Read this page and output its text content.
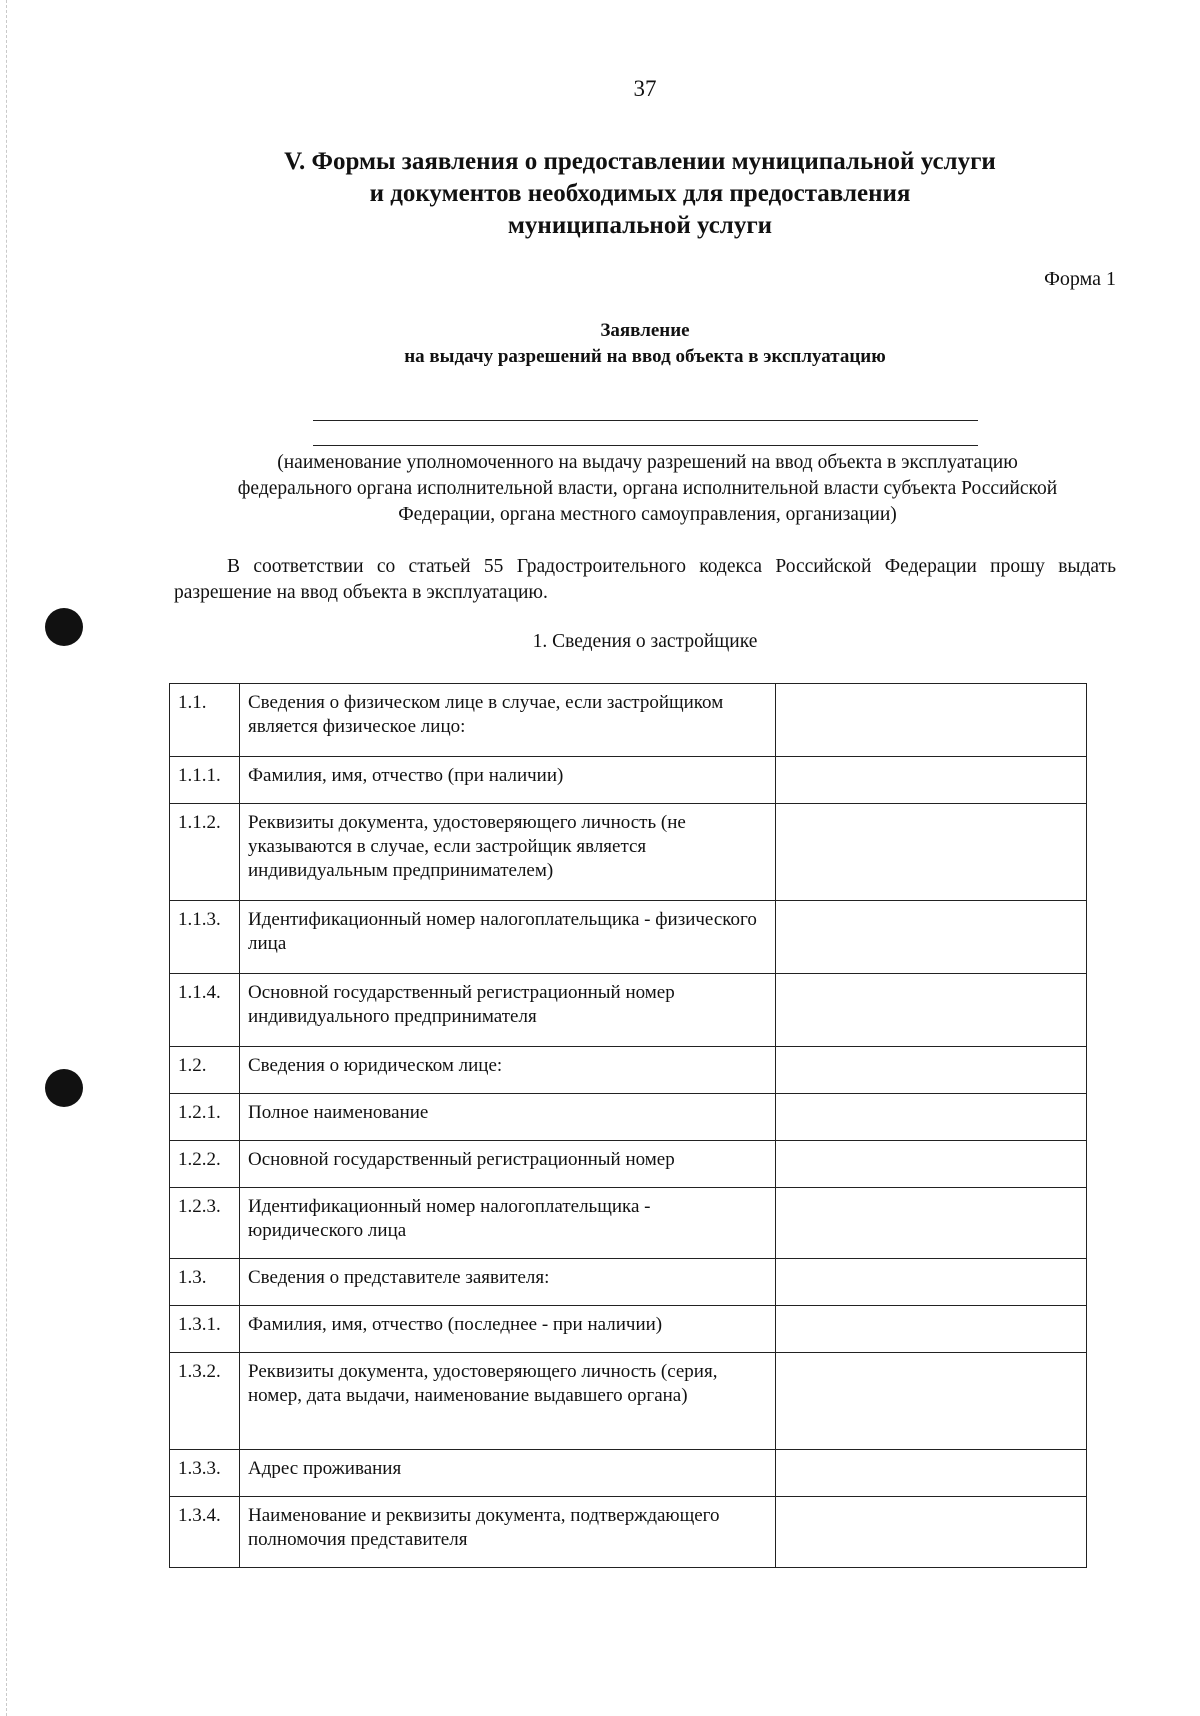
37
V. Формы заявления о предоставлении муниципальной услуги
и документов необходимых для предоставления
муниципальной услуги
Форма 1
Заявление
на выдачу разрешений на ввод объекта в эксплуатацию
(наименование уполномоченного на выдачу разрешений на ввод объекта в эксплуатацию
федерального органа исполнительной власти, органа исполнительной власти субъекта Российской
Федерации, органа местного самоуправления, организации)
В соответствии со статьей 55 Градостроительного кодекса Российской Федерации прошу выдать разрешение на ввод объекта в эксплуатацию.
1. Сведения о застройщике
1.1.	Сведения о физическом лице в случае, если застройщиком является физическое лицо:	
1.1.1.	Фамилия, имя, отчество (при наличии)	
1.1.2.	Реквизиты документа, удостоверяющего личность (не указываются в случае, если застройщик является индивидуальным предпринимателем)	
1.1.3.	Идентификационный номер налогоплательщика - физического лица	
1.1.4.	Основной государственный регистрационный номер индивидуального предпринимателя	
1.2.	Сведения о юридическом лице:	
1.2.1.	Полное наименование	
1.2.2.	Основной государственный регистрационный номер	
1.2.3.	Идентификационный номер налогоплательщика - юридического лица	
1.3.	Сведения о представителе заявителя:	
1.3.1.	Фамилия, имя, отчество (последнее - при наличии)	
1.3.2.	Реквизиты документа, удостоверяющего личность (серия, номер, дата выдачи, наименование выдавшего органа)	
1.3.3.	Адрес проживания	
1.3.4.	Наименование и реквизиты документа, подтверждающего полномочия представителя	
